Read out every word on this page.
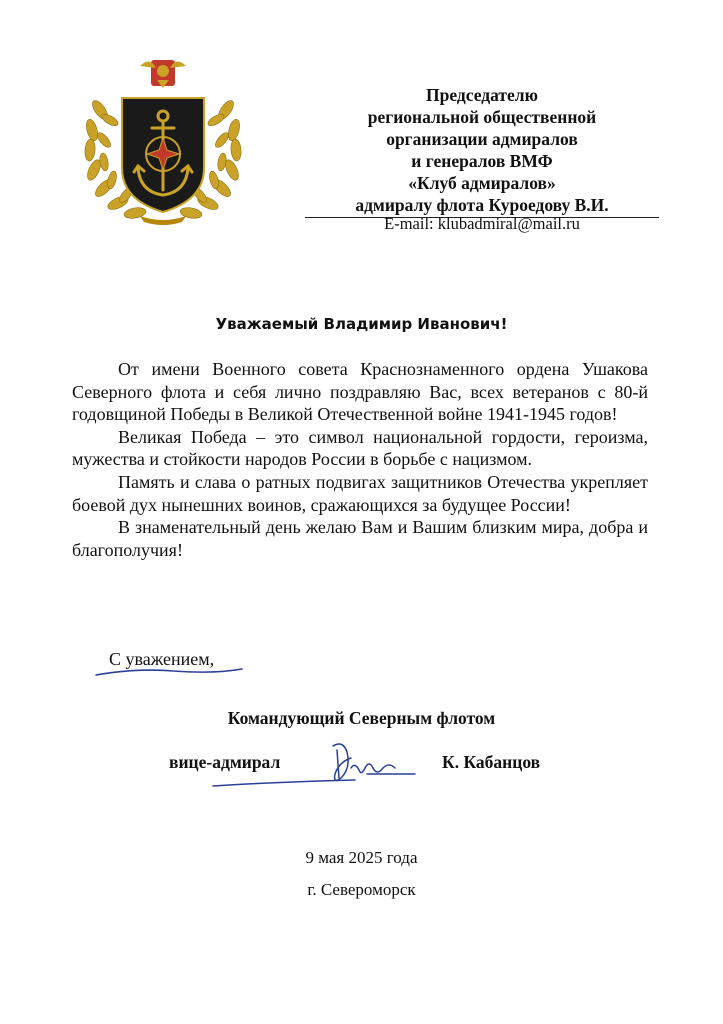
Председателю
региональной общественной
организации адмиралов
и генералов ВМФ
«Клуб адмиралов»
адмиралу флота Куроедову В.И.
E-mail: klubadmiral@mail.ru
Уважаемый Владимир Иванович!

От имени Военного совета Краснознаменного ордена Ушакова Северного флота и себя лично поздравляю Вас, всех ветеранов с 80-й годовщиной Победы в Великой Отечественной войне 1941-1945 годов!

Великая Победа – это символ национальной гордости, героизма, мужества и стойкости народов России в борьбе с нацизмом.

Память и слава о ратных подвигах защитников Отечества укрепляет боевой дух нынешних воинов, сражающихся за будущее России!

В знаменательный день желаю Вам и Вашим близким мира, добра и благополучия!

С уважением,
Командующий Северным флотом
вице-адмирал	К. Кабанцов
9 мая 2025 года
г. Североморск
